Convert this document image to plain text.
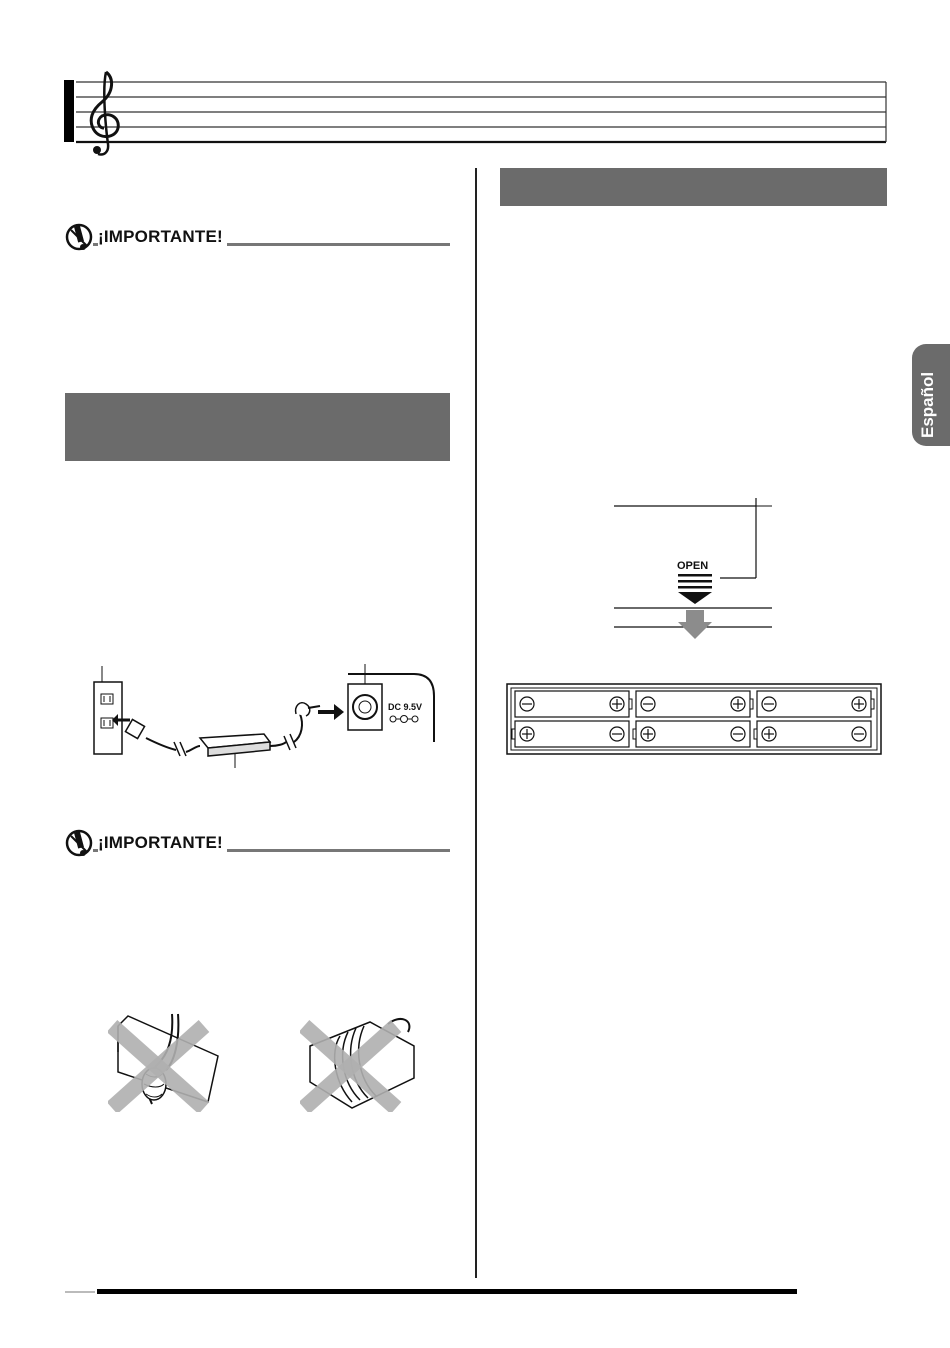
¡IMPORTANTE!
DC 9.5V
¡IMPORTANTE!
OPEN
Español
